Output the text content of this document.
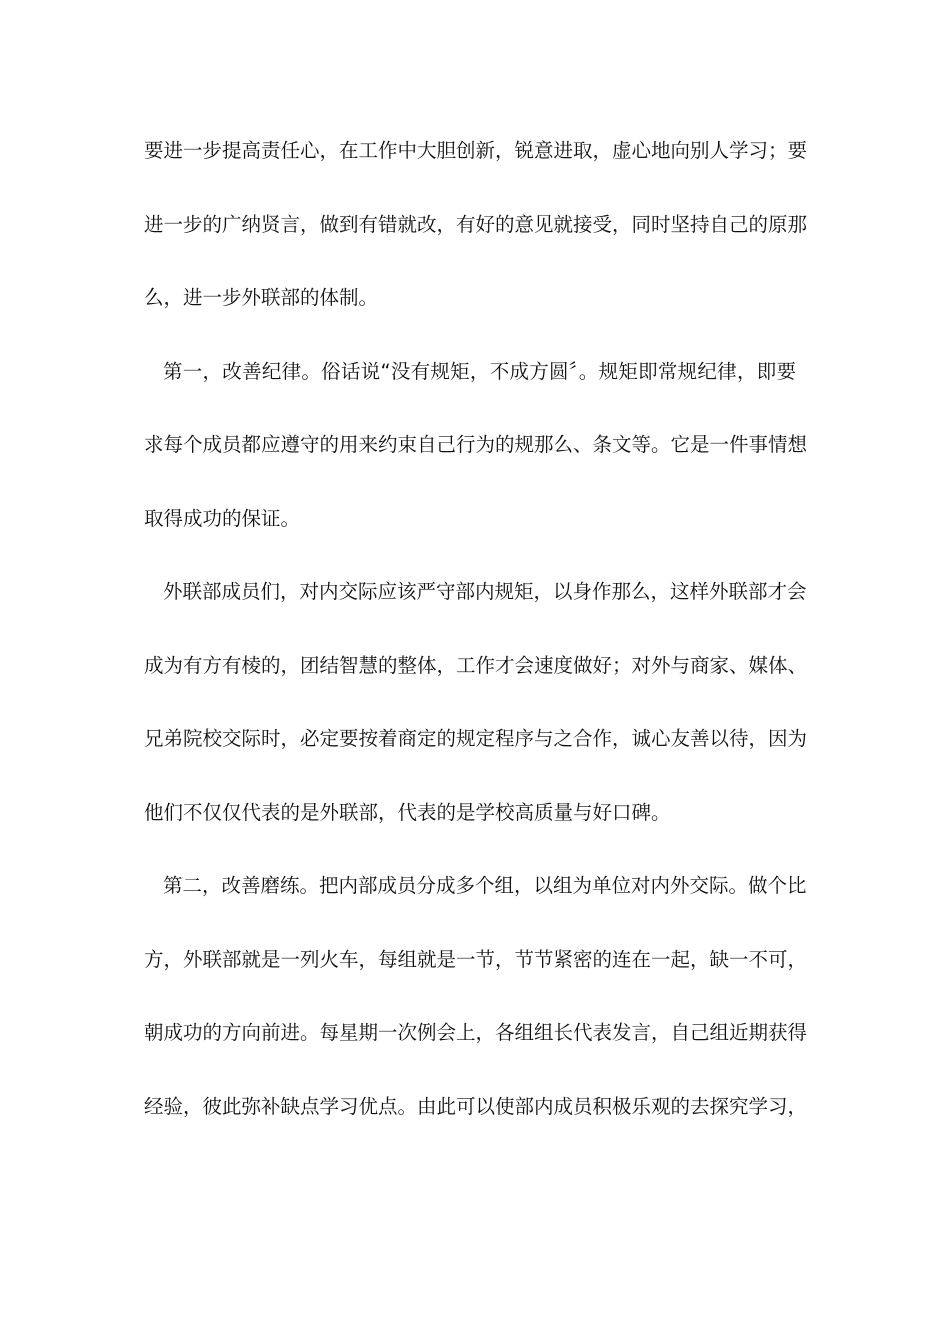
要进一步提高责任心，在工作中大胆创新，锐意进取，虚心地向别人学习；要
进一步的广纳贤言，做到有错就改，有好的意见就接受，同时坚持自己的原那
么，进一步外联部的体制。
第一，改善纪律。俗话说“没有规矩，不成方圆〞。规矩即常规纪律，即要
求每个成员都应遵守的用来约束自己行为的规那么、条文等。它是一件事情想
取得成功的保证。
外联部成员们，对内交际应该严守部内规矩，以身作那么，这样外联部才会
成为有方有棱的，团结智慧的整体，工作才会速度做好；对外与商家、媒体、
兄弟院校交际时，必定要按着商定的规定程序与之合作，诚心友善以待，因为
他们不仅仅代表的是外联部，代表的是学校高质量与好口碑。
第二，改善磨练。把内部成员分成多个组，以组为单位对内外交际。做个比
方，外联部就是一列火车，每组就是一节，节节紧密的连在一起，缺一不可，
朝成功的方向前进。每星期一次例会上，各组组长代表发言，自己组近期获得
经验，彼此弥补缺点学习优点。由此可以使部内成员积极乐观的去探究学习，
